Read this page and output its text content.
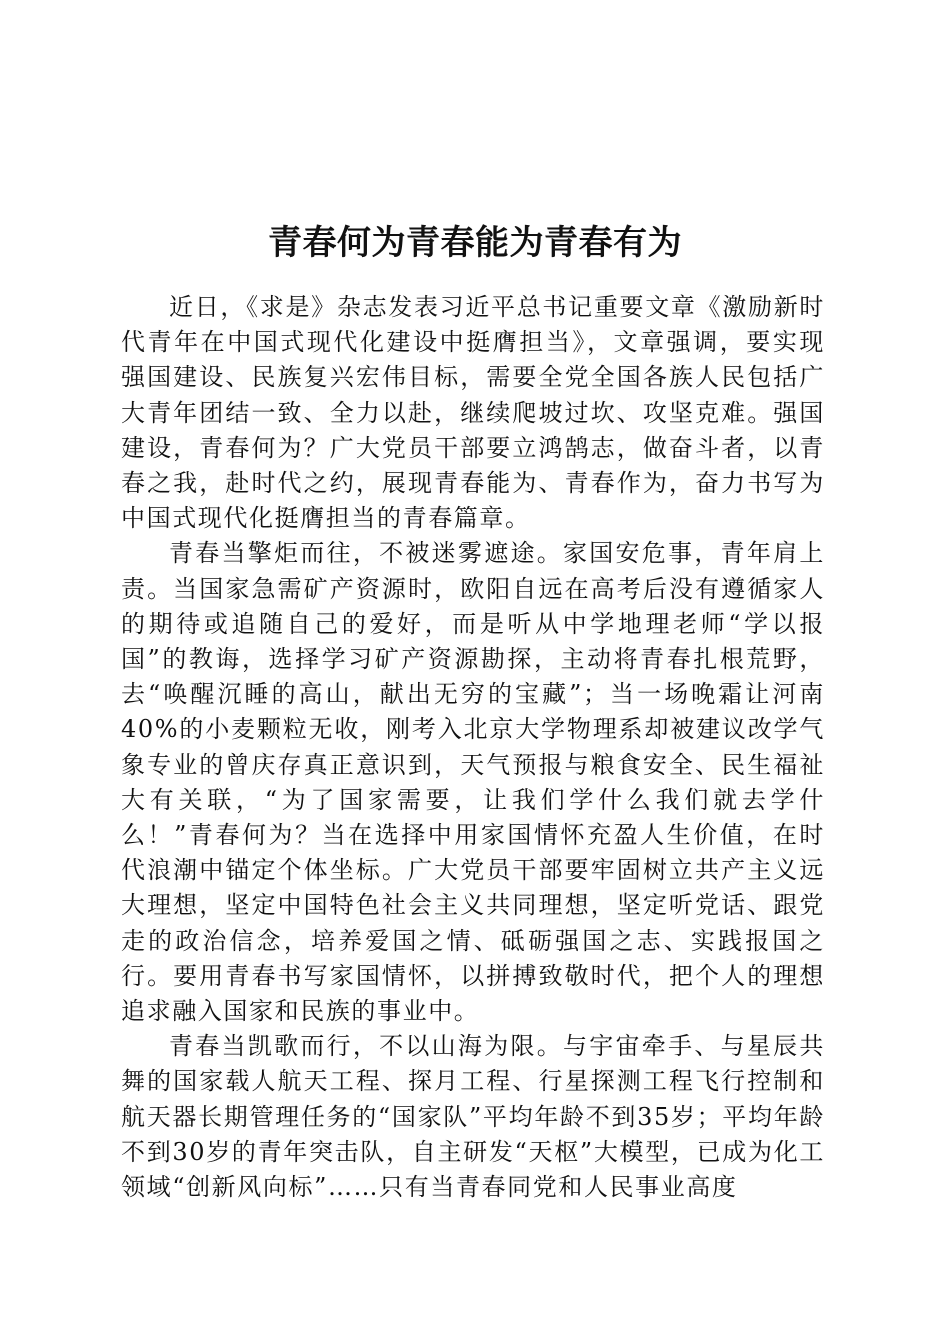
青春何为青春能为青春有为

近日，《求是》杂志发表习近平总书记重要文章《激励新时代青年在中国式现代化建设中挺膺担当》，文章强调，要实现强国建设、民族复兴宏伟目标，需要全党全国各族人民包括广大青年团结一致、全力以赴，继续爬坡过坎、攻坚克难。强国建设，青春何为？广大党员干部要立鸿鹄志，做奋斗者，以青春之我，赴时代之约，展现青春能为、青春作为，奋力书写为中国式现代化挺膺担当的青春篇章。

青春当擎炬而往，不被迷雾遮途。家国安危事，青年肩上责。当国家急需矿产资源时，欧阳自远在高考后没有遵循家人的期待或追随自己的爱好，而是听从中学地理老师“学以报国”的教诲，选择学习矿产资源勘探，主动将青春扎根荒野，去“唤醒沉睡的高山，献出无穷的宝藏”；当一场晚霜让河南40%的小麦颗粒无收，刚考入北京大学物理系却被建议改学气象专业的曾庆存真正意识到，天气预报与粮食安全、民生福祉大有关联，“为了国家需要，让我们学什么我们就去学什么！”青春何为？当在选择中用家国情怀充盈人生价值，在时代浪潮中锚定个体坐标。广大党员干部要牢固树立共产主义远大理想，坚定中国特色社会主义共同理想，坚定听党话、跟党走的政治信念，培养爱国之情、砥砺强国之志、实践报国之行。要用青春书写家国情怀，以拼搏致敬时代，把个人的理想追求融入国家和民族的事业中。

青春当凯歌而行，不以山海为限。与宇宙牵手、与星辰共舞的国家载人航天工程、探月工程、行星探测工程飞行控制和航天器长期管理任务的“国家队”平均年龄不到35岁；平均年龄不到30岁的青年突击队，自主研发“天枢”大模型，已成为化工领域“创新风向标”……只有当青春同党和人民事业高度
